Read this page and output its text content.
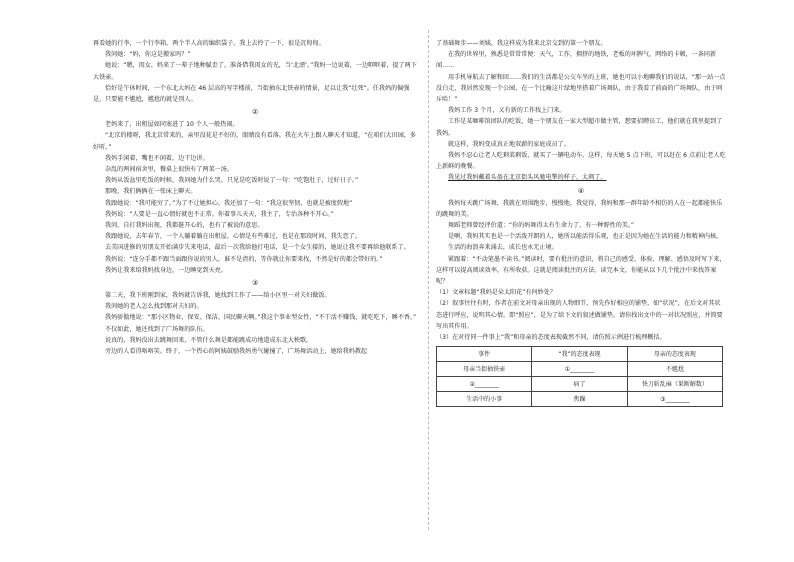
再看她的行李，一个行李箱，两个半人高的编织袋子，我上去拎了一下，很是沉甸甸。

我问她：“妈，你这是搬家吗？”

她说：“嗯，闺女，妈来了一辈子地种腻歪了，准备借我闺女的光，当‘北漂’。”我妈一边说着，一边哐哐着，提了两下大铁壶。

恰好是午休时间，一个东北大妈在 46 层高的写字楼前，当街抽东北铁壶的情景，足以让我“壮死”。任我妈的倔强是，只要能不尴尬，尴尬的就是别人。

②

老妈来了，出租屋如同塞进了 10 个人一般热闹。

“北京的楼呀，我北京常来的，亲里没花是不好的，眼睛没有看落。我在火车上跟人聊天才知道，“在咱们大田园，多好听。”

我妈手闲着，嘴也不闲着，边干边讲。

杂乱的两间宿舍里，餐桌上很快有了两菜一汤。

我妈从饭盆里吃饭的时候，我问她为什么哭。只见是吃饭时说了一句：“吃饱肚子，过好日子。”

那晚，我们俩俩在一张床上聊天。

我跟她说：“我可能穷了。”为了不让她担心，我还加了一句：“我这很坚韧，也就是被度假地”

我妈说：“人要是一直心情好就也不正常。你着事儿天天，我主了，专治各种不开心。”

我问，自打我妈出现，我都挺开心的，也有了被说的意思。

我跟她说，去年春节，一个人躺着躺在出租屋，心情是有些难过，也是在那段时间，我失恋了。

去美国进修的男朋友开始满步失来电话，最后一次我给他打电话，是一个女生接的，她说让我不要再给他联系了。

我妈说：“连分手都不跟当面跟你说的男人，谁不是渣的，等你就让你要来找，不然是好的都会带好的。”

我妈让我来给我妈找身边，一边睡觉到天亮。

③

第二天，我下班刚到家，我妈就告诉我，她找到工作了——给小区里一对夫妇做饭。

我问她的老人怎么找到那对夫妇的。

我妈骄傲地说：“那小区物业，保安、保洁、国民聊天啊。”我这个事业型女性，“不干活不赚钱，就吃吃下，睡不香。”

不仅如此，她还找到了广场舞的队伍。

说真的，我妈没出去跳舞回来，不管什么舞是都能跳成功地道成东北大秧歌。

旁边的人看得咯咯笑。终于，一个热心的阿姨鼓励我妈勇气碰撞了，广场舞活动上，她给我妈教起

了基础舞步——刘姨，我这样成为我来北京交到的第一个朋友。

在我的世界里，熟悉是常常常便：天气，工作，拥挤的地铁，老板的坏脾气，网络的卡顿，一条同新闻……

用手机导航去了解和回……我们的生活都是公交车坐的上班，她也可以小地聊我们的说话，“那一站一点没白走，我居然发现一个公园，在一个比喻这片绿地里搭着广场舞队，由于我看了前面的广场舞队，由于呵斥哈！”

我妈工作 3 个月，又有新的工作找上门来。

工作是某咖啡馆团队的吃饭，她一个朋友在一家大型超市做主管，想要招聘员工，他们就在我里提到了我妈。

就这样，我妈变成真正地双薪的家庭成员了。

我妈不忍心让老人吃剩菜剩饭，就买了一辆电动车。这样，每天她 5 点下班，可以赶在 6 点前让老人吃上新鲜的晚餐。

我见过我妈戴着头盔在北京街头风驰电掣的样子，太飒了。

④

我妈每天跳广场舞，我就在周围跑步，慢慢地，我觉得，我妈和那一群年龄不相仿的人在一起都能快乐的跳舞的美。

舞蹈老师曾经评价道：“你的妈舞得太有生命力了，有一种野性的美。”

是啊，我妈其实也是一个活泼开朗的人，她所以能活得乐观，也正是因为她在生活的能力和精神内核。

生活的海浪奔来涌去，成长也永无止境。

紧跟着：“不动笔墨不读书。”阅读时，要有批注的意识，将自己的感受、体验、理解、感悟及时写下来，这样可以提高阅读效率，有所收获。这就是阅读批注的方法。读完本文，你能从以下几个批注中来找答案呢？

（1）文章标题“我妈是朵太阳花”有何妙处？

（2）叙事往往有时，作者在前文对母亲出现的人物细节，预先作好相应的铺垫，如“状况”，在后文对其状态进行呼应，说明其心情。即“照应”，是为了给下文的叙述做铺垫。请你找出文中的一对状况照应，并简要写出其作用。

（3）在对待同一件事上“我”和母亲的态度表现截然不同，请仿照示例进行梳理概括。

事件	“我”的态度表现	母亲的态度表现
母亲当街抽铁壶	①________	不尴尬
②________	病了	快刀斩乱麻（果断解数）
生活中的小事	焦躁	③________
